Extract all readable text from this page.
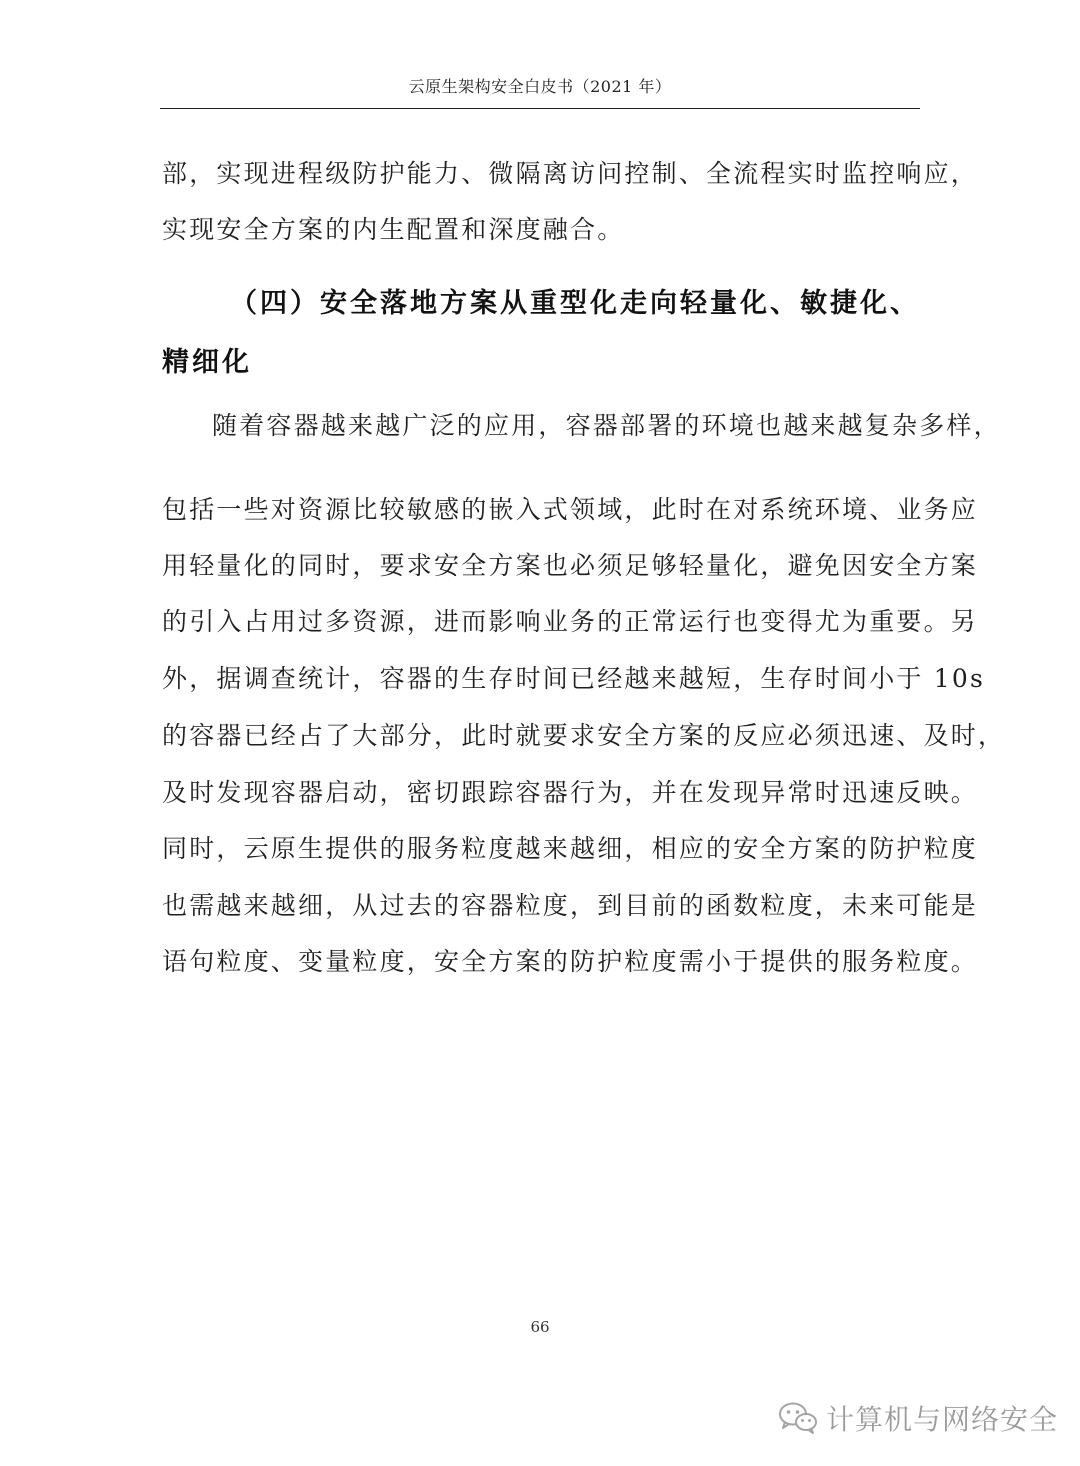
云原生架构安全白皮书（2021 年）
部，实现进程级防护能力、微隔离访问控制、全流程实时监控响应，
实现安全方案的内生配置和深度融合。
（四）安全落地方案从重型化走向轻量化、敏捷化、
精细化
随着容器越来越广泛的应用，容器部署的环境也越来越复杂多样，
包括一些对资源比较敏感的嵌入式领域，此时在对系统环境、业务应
用轻量化的同时，要求安全方案也必须足够轻量化，避免因安全方案
的引入占用过多资源，进而影响业务的正常运行也变得尤为重要。另
外，据调查统计，容器的生存时间已经越来越短，生存时间小于 10s
的容器已经占了大部分，此时就要求安全方案的反应必须迅速、及时，
及时发现容器启动，密切跟踪容器行为，并在发现异常时迅速反映。
同时，云原生提供的服务粒度越来越细，相应的安全方案的防护粒度
也需越来越细，从过去的容器粒度，到目前的函数粒度，未来可能是
语句粒度、变量粒度，安全方案的防护粒度需小于提供的服务粒度。
66
计算机与网络安全
